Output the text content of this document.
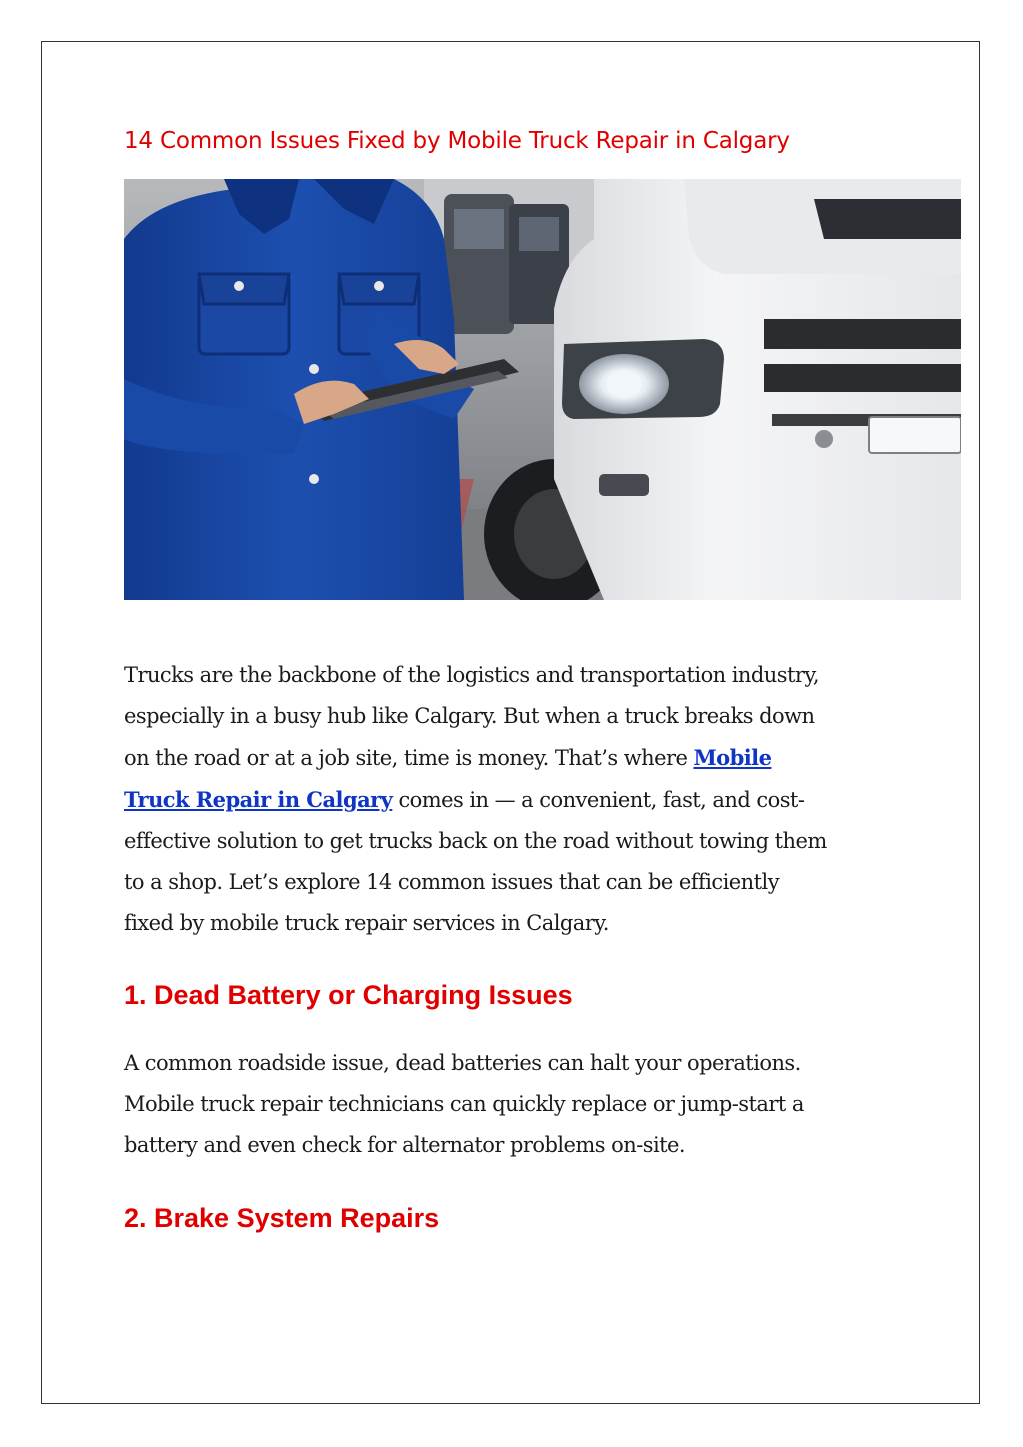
14 Common Issues Fixed by Mobile Truck Repair in Calgary

Trucks are the backbone of the logistics and transportation industry,
especially in a busy hub like Calgary. But when a truck breaks down
on the road or at a job site, time is money. That’s where Mobile
Truck Repair in Calgary comes in — a convenient, fast, and cost-
effective solution to get trucks back on the road without towing them
to a shop. Let’s explore 14 common issues that can be efficiently
fixed by mobile truck repair services in Calgary.

1. Dead Battery or Charging Issues

A common roadside issue, dead batteries can halt your operations.
Mobile truck repair technicians can quickly replace or jump-start a
battery and even check for alternator problems on-site.

2. Brake System Repairs
